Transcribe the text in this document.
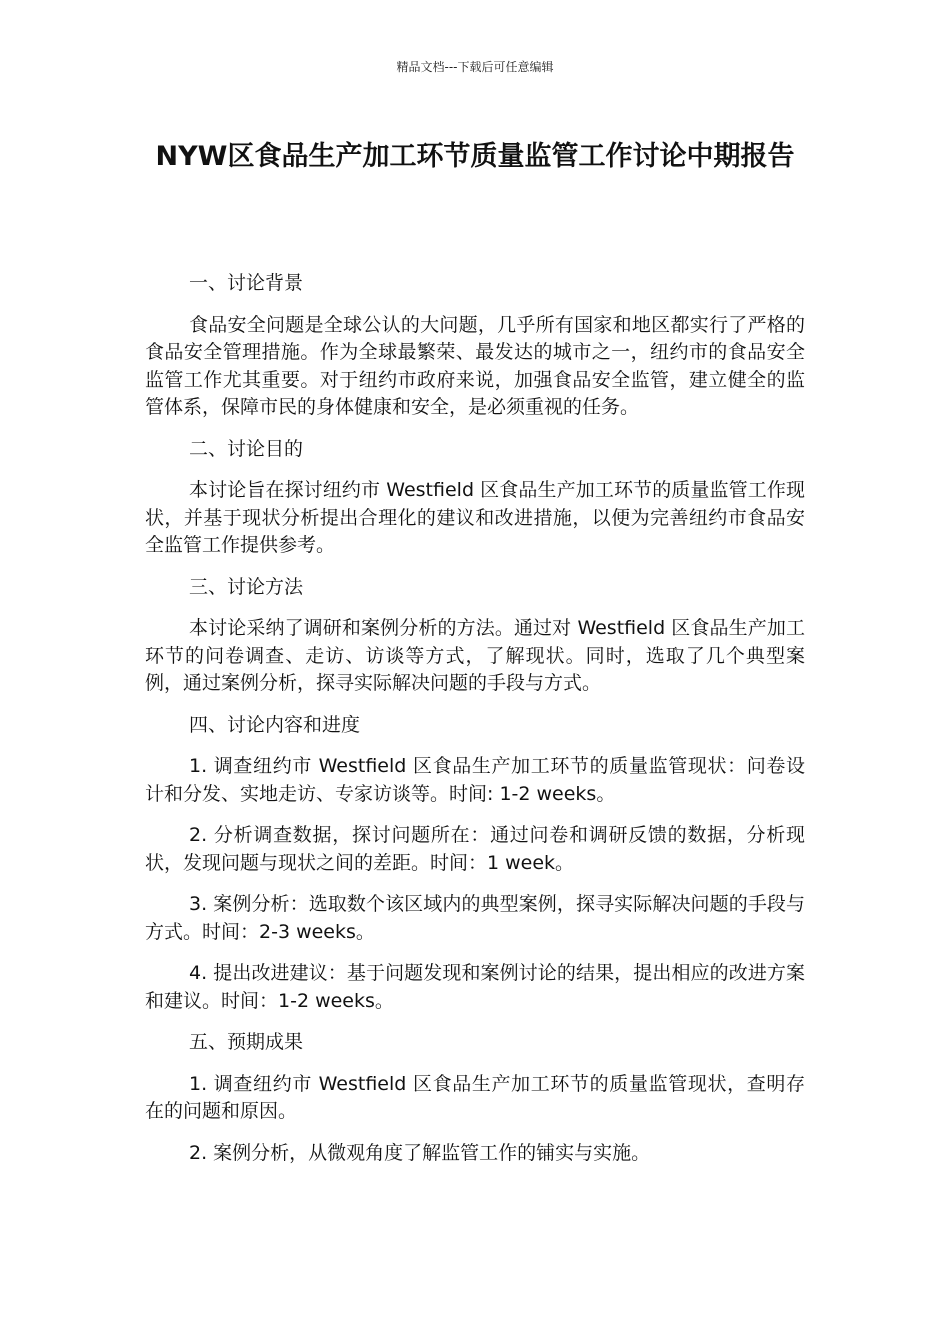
精品文档---下载后可任意编辑
NYW区食品生产加工环节质量监管工作讨论中期报告

一、讨论背景

食品安全问题是全球公认的大问题，几乎所有国家和地区都实行了严格的食品安全管理措施。作为全球最繁荣、最发达的城市之一，纽约市的食品安全监管工作尤其重要。对于纽约市政府来说，加强食品安全监管，建立健全的监管体系，保障市民的身体健康和安全，是必须重视的任务。

二、讨论目的

本讨论旨在探讨纽约市 Westfield 区食品生产加工环节的质量监管工作现状，并基于现状分析提出合理化的建议和改进措施，以便为完善纽约市食品安全监管工作提供参考。

三、讨论方法

本讨论采纳了调研和案例分析的方法。通过对 Westfield 区食品生产加工环节的问卷调查、走访、访谈等方式，了解现状。同时，选取了几个典型案例，通过案例分析，探寻实际解决问题的手段与方式。

四、讨论内容和进度

1. 调查纽约市 Westfield 区食品生产加工环节的质量监管现状：问卷设计和分发、实地走访、专家访谈等。时间: 1-2 weeks。

2. 分析调查数据，探讨问题所在：通过问卷和调研反馈的数据，分析现状，发现问题与现状之间的差距。时间：1 week。

3. 案例分析：选取数个该区域内的典型案例，探寻实际解决问题的手段与方式。时间：2-3 weeks。

4. 提出改进建议：基于问题发现和案例讨论的结果，提出相应的改进方案和建议。时间：1-2 weeks。

五、预期成果

1. 调查纽约市 Westfield 区食品生产加工环节的质量监管现状，查明存在的问题和原因。

2. 案例分析，从微观角度了解监管工作的铺实与实施。
